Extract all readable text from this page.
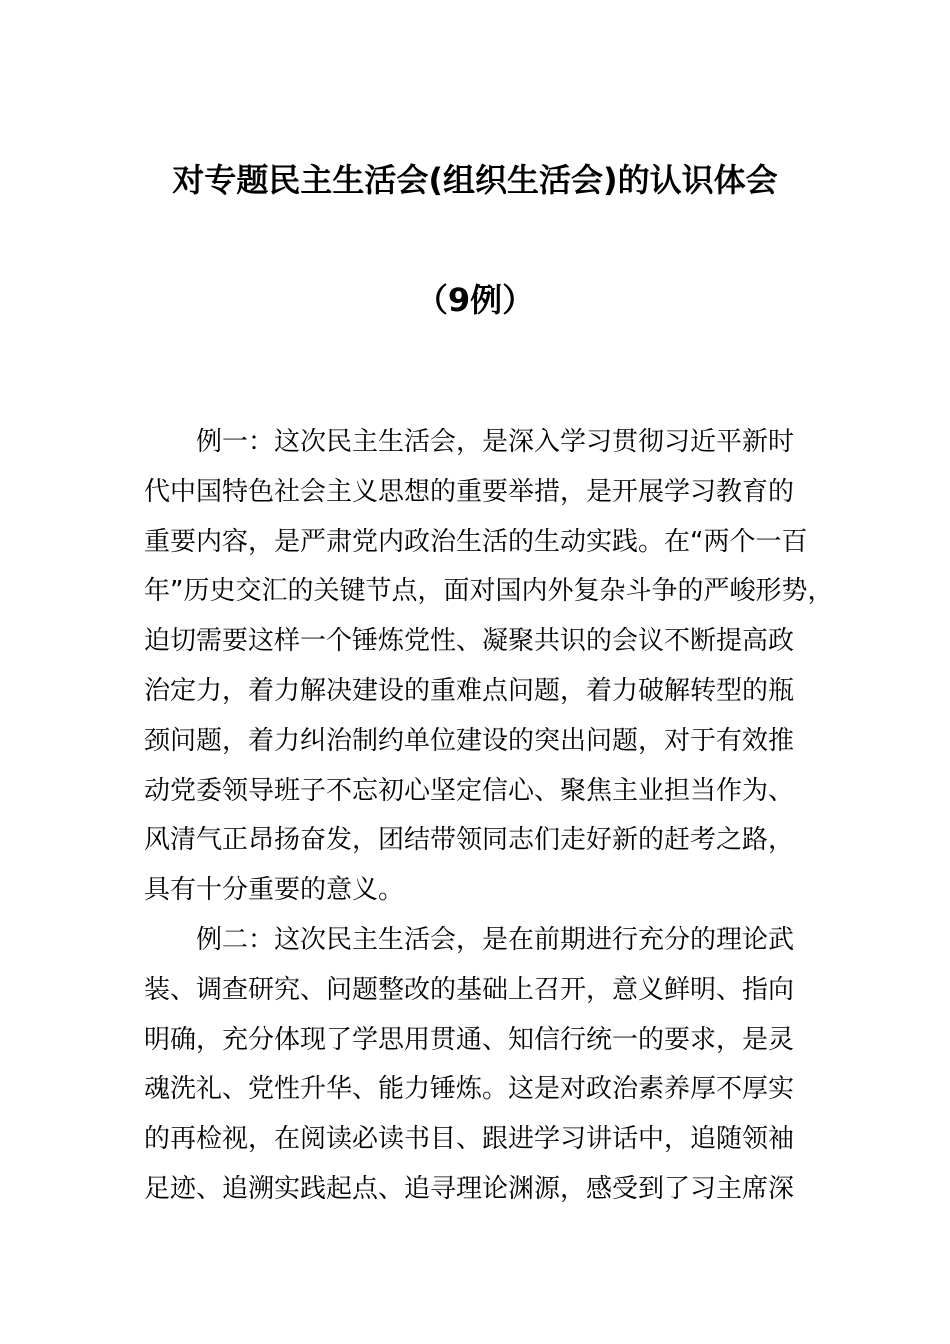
对专题民主生活会(组织生活会)的认识体会
（9例）
例一：这次民主生活会，是深入学习贯彻习近平新时
代中国特色社会主义思想的重要举措，是开展学习教育的
重要内容，是严肃党内政治生活的生动实践。在“两个一百
年”历史交汇的关键节点，面对国内外复杂斗争的严峻形势，
迫切需要这样一个锤炼党性、凝聚共识的会议不断提高政
治定力，着力解决建设的重难点问题，着力破解转型的瓶
颈问题，着力纠治制约单位建设的突出问题，对于有效推
动党委领导班子不忘初心坚定信心、聚焦主业担当作为、
风清气正昂扬奋发，团结带领同志们走好新的赶考之路，
具有十分重要的意义。
例二：这次民主生活会，是在前期进行充分的理论武
装、调查研究、问题整改的基础上召开，意义鲜明、指向
明确，充分体现了学思用贯通、知信行统一的要求，是灵
魂洗礼、党性升华、能力锤炼。这是对政治素养厚不厚实
的再检视，在阅读必读书目、跟进学习讲话中，追随领袖
足迹、追溯实践起点、追寻理论渊源，感受到了习主席深
